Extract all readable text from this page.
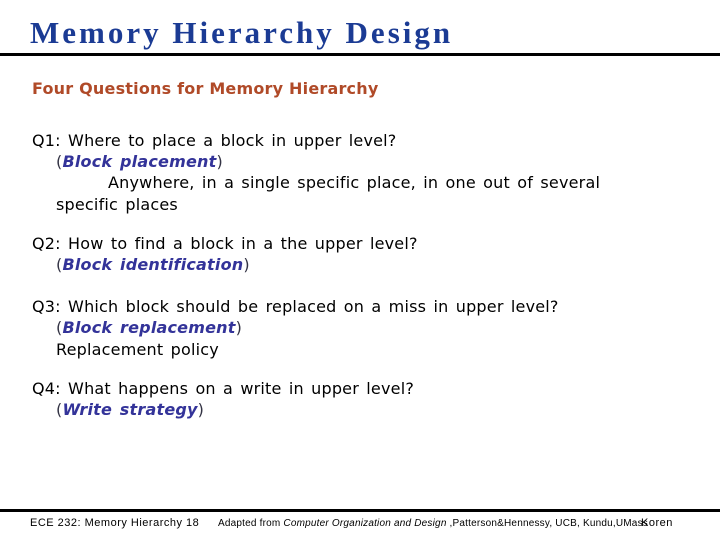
Memory Hierarchy Design
Four Questions for Memory Hierarchy
Q1: Where to place a block in upper level?
(Block placement)
Anywhere, in a single specific place, in one out of several
specific places
Q2: How to find a block in a the upper level?
(Block identification)
Q3: Which block should be replaced on a miss in upper level?
(Block replacement)
Replacement policy
Q4: What happens on a write in upper level?
(Write strategy)
ECE 232: Memory Hierarchy 18 Adapted from Computer Organization and Design ,Patterson&Hennessy, UCB, Kundu,UMass
Koren
